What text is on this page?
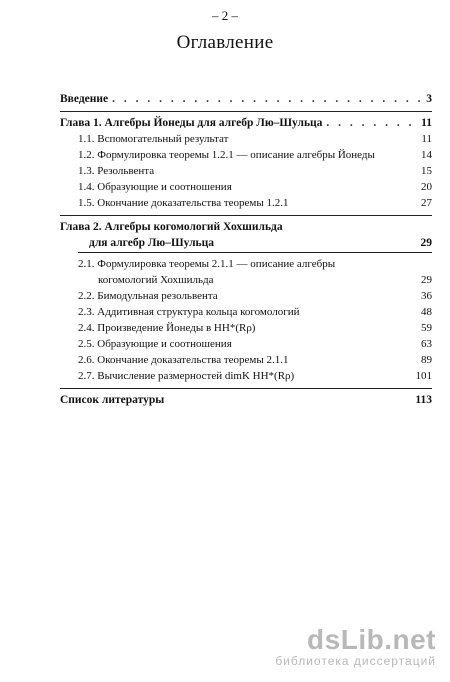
– 2 –
Оглавление
Введение . . .	3
Глава 1. Алгебры Йонеды для алгебр Лю–Шульца . . .	11
1.1. Вспомогательный результат	11
1.2. Формулировка теоремы 1.2.1 — описание алгебры Йонеды	14
1.3. Резольвента	15
1.4. Образующие и соотношения	20
1.5. Окончание доказательства теоремы 1.2.1	27
Глава 2. Алгебры когомологий Хохшильда
для алгебр Лю–Шульца	29
2.1. Формулировка теоремы 2.1.1 — описание алгебры
когомологий Хохшильда	29
2.2. Бимодульная резольвента	36
2.3. Аддитивная структура кольца когомологий	48
2.4. Произведение Йонеды в HH*(Rρ)	59
2.5. Образующие и соотношения	63
2.6. Окончание доказательства теоремы 2.1.1	89
2.7. Вычисление размерностей dimK HH*(Rρ)	101
Список литературы	113
dsLib.net
библиотека диссертаций
